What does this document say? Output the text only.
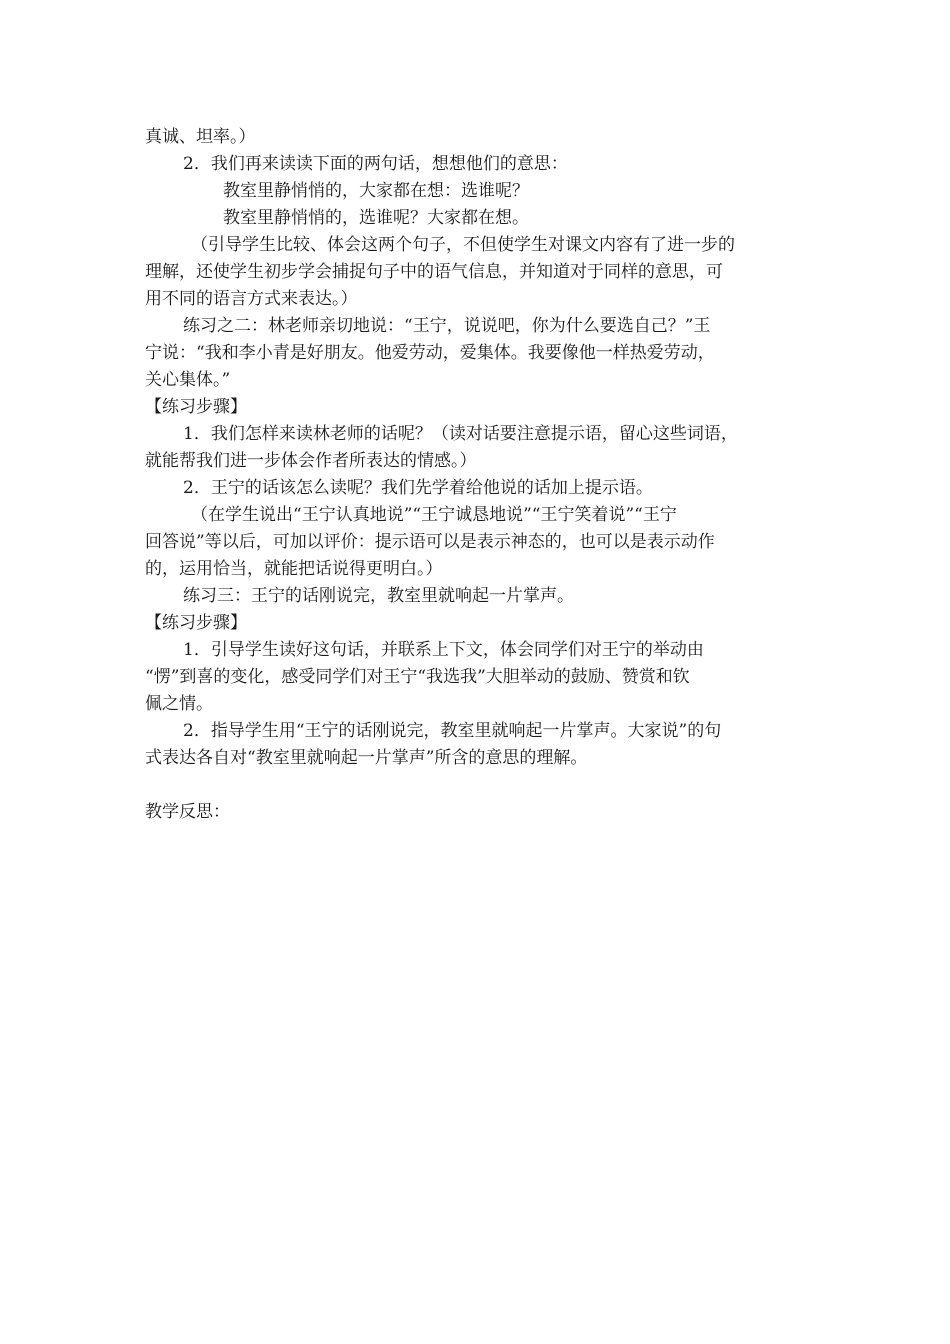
真诚、坦率。）
2．我们再来读读下面的两句话，想想他们的意思：
教室里静悄悄的，大家都在想：选谁呢？
教室里静悄悄的，选谁呢？大家都在想。
（引导学生比较、体会这两个句子，不但使学生对课文内容有了进一步的
理解，还使学生初步学会捕捉句子中的语气信息，并知道对于同样的意思，可
用不同的语言方式来表达。）
练习之二：林老师亲切地说：“王宁，说说吧，你为什么要选自己？”王
宁说：“我和李小青是好朋友。他爱劳动，爱集体。我要像他一样热爱劳动，
关心集体。”
【练习步骤】
1．我们怎样来读林老师的话呢？（读对话要注意提示语，留心这些词语，
就能帮我们进一步体会作者所表达的情感。）
2．王宁的话该怎么读呢？我们先学着给他说的话加上提示语。
（在学生说出“王宁认真地说”“王宁诚恳地说”“王宁笑着说”“王宁
回答说”等以后，可加以评价：提示语可以是表示神态的，也可以是表示动作
的，运用恰当，就能把话说得更明白。）
练习三：王宁的话刚说完，教室里就响起一片掌声。
【练习步骤】
1．引导学生读好这句话，并联系上下文，体会同学们对王宁的举动由
“愣”到喜的变化，感受同学们对王宁“我选我”大胆举动的鼓励、赞赏和钦
佩之情。
2．指导学生用“王宁的话刚说完，教室里就响起一片掌声。大家说”的句
式表达各自对“教室里就响起一片掌声”所含的意思的理解。
教学反思：
